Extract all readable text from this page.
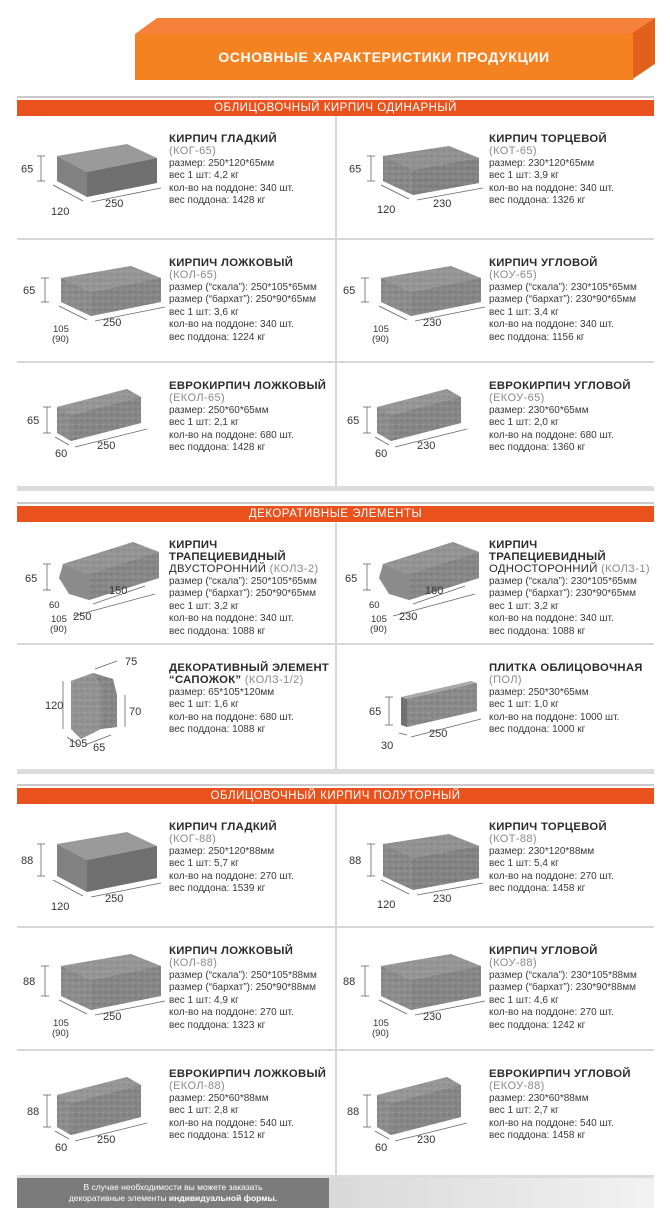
ОСНОВНЫЕ ХАРАКТЕРИСТИКИ ПРОДУКЦИИ
ОБЛИЦОВОЧНЫЙ КИРПИЧ ОДИНАРНЫЙ
65
120
250
КИРПИЧ ГЛАДКИЙ
(КОГ-65)
размер: 250*120*65мм
вес 1 шт: 4,2 кг
кол-во на поддоне: 340 шт.
вес поддона: 1428 кг
65
120	230
КИРПИЧ ТОРЦЕВОЙ
(КОТ-65)
размер: 230*120*65мм
вес 1 шт: 3,9 кг
кол-во на поддоне: 340 шт.
вес поддона: 1326 кг
65
105
(90)
250
КИРПИЧ ЛОЖКОВЫЙ
(КОЛ-65)
размер (“скала”): 250*105*65мм
размер (“бархат”): 250*90*65мм
вес 1 шт: 3,6 кг
кол-во на поддоне: 340 шт.
вес поддона: 1224 кг
65
105
(90)
230
КИРПИЧ УГЛОВОЙ
(КОУ-65)
размер (“скала”): 230*105*65мм
размер (“бархат”): 230*90*65мм
вес 1 шт: 3,4 кг
кол-во на поддоне: 340 шт.
вес поддона: 1156 кг
65
60
250
ЕВРОКИРПИЧ ЛОЖКОВЫЙ
(ЕКОЛ-65)
размер: 250*60*65мм
вес 1 шт: 2,1 кг
кол-во на поддоне: 680 шт.
вес поддона: 1428 кг
65
60
230
ЕВРОКИРПИЧ УГЛОВОЙ
(ЕКОУ-65)
размер: 230*60*65мм
вес 1 шт: 2,0 кг
кол-во на поддоне: 680 шт.
вес поддона: 1360 кг
ДЕКОРАТИВНЫЕ ЭЛЕМЕНТЫ
65
60
105
(90)
150
250
КИРПИЧ ТРАПЕЦИЕВИДНЫЙ
ДВУСТОРОННИЙ (КОЛЗ-2)
размер (“скала”): 250*105*65мм
размер (“бархат”): 250*90*65мм
вес 1 шт: 3,2 кг
кол-во на поддоне: 340 шт.
вес поддона: 1088 кг
65
60
105
(90)
180
230
КИРПИЧ ТРАПЕЦИЕВИДНЫЙ
ОДНОСТОРОННИЙ (КОЛЗ-1)
размер (“скала”): 230*105*65мм
размер (“бархат”): 230*90*65мм
вес 1 шт: 3,2 кг
кол-во на поддоне: 340 шт.
вес поддона: 1088 кг
75
120	70
105 65
ДЕКОРАТИВНЫЙ ЭЛЕМЕНТ
“САПОЖОК” (КОЛЗ-1/2)
размер: 65*105*120мм
вес 1 шт: 1,6 кг
кол-во на поддоне: 680 шт.
вес поддона: 1088 кг
65
30
250
ПЛИТКА ОБЛИЦОВОЧНАЯ
(ПОЛ)
размер: 250*30*65мм
вес 1 шт: 1,0 кг
кол-во на поддоне: 1000 шт.
вес поддона: 1000 кг
ОБЛИЦОВОЧНЫЙ КИРПИЧ ПОЛУТОРНЫЙ
88
120
250
КИРПИЧ ГЛАДКИЙ
(КОГ-88)
размер: 250*120*88мм
вес 1 шт: 5,7 кг
кол-во на поддоне: 270 шт.
вес поддона: 1539 кг
88
120	230
КИРПИЧ ТОРЦЕВОЙ
(КОТ-88)
размер: 230*120*88мм
вес 1 шт: 5,4 кг
кол-во на поддоне: 270 шт.
вес поддона: 1458 кг
88
105
(90)
250
КИРПИЧ ЛОЖКОВЫЙ
(КОЛ-88)
размер (“скала”): 250*105*88мм
размер (“бархат”): 250*90*88мм
вес 1 шт: 4,9 кг
кол-во на поддоне: 270 шт.
вес поддона: 1323 кг
88
105
(90)
230
КИРПИЧ УГЛОВОЙ
(КОУ-88)
размер (“скала”): 230*105*88мм
размер (“бархат”): 230*90*88мм
вес 1 шт: 4,6 кг
кол-во на поддоне: 270 шт.
вес поддона: 1242 кг
88
60
250
ЕВРОКИРПИЧ ЛОЖКОВЫЙ
(ЕКОЛ-88)
размер: 250*60*88мм
вес 1 шт: 2,8 кг
кол-во на поддоне: 540 шт.
вес поддона: 1512 кг
88
60
230
ЕВРОКИРПИЧ УГЛОВОЙ
(ЕКОУ-88)
размер: 230*60*88мм
вес 1 шт: 2,7 кг
кол-во на поддоне: 540 шт.
вес поддона: 1458 кг
В случае необходимости вы можете заказать
декоративные элементы индивидуальной формы.
